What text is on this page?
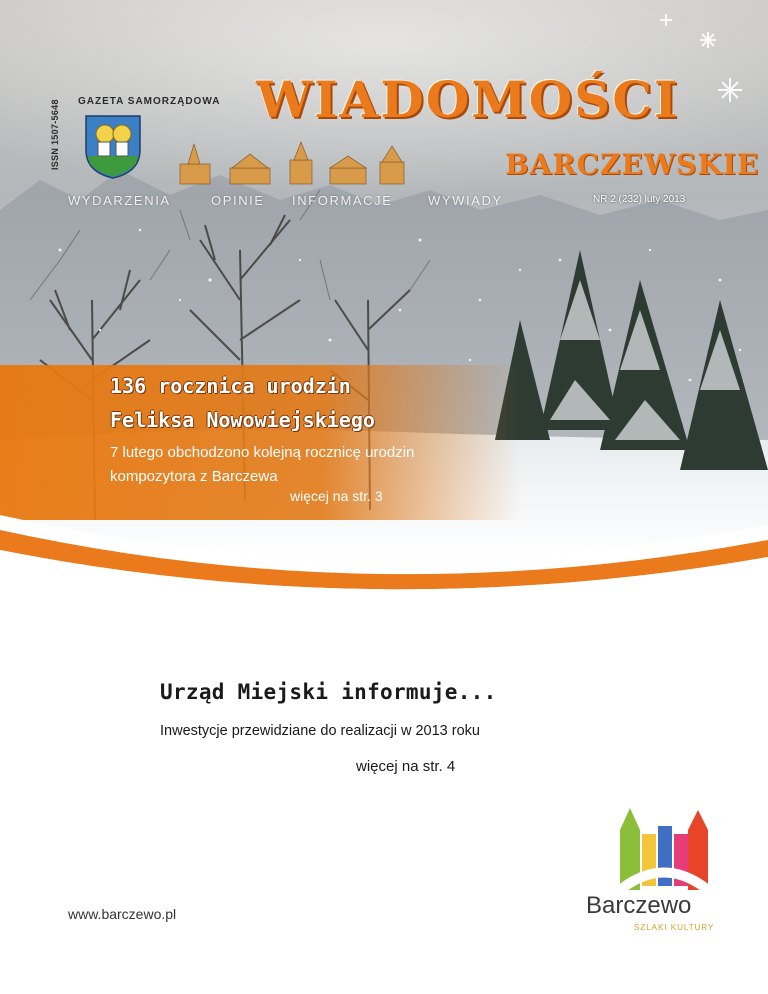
GAZETA SAMORZĄDOWA
ISSN 1507-5648	WIADOMOŚCI
BARCZEWSKIE
WYDARZENIA	OPINIE INFORMACJE	WYWIADY	NR 2 (232) luty 2013
136 rocznica urodzin
Feliksa Nowowiejskiego
7 lutego obchodzono kolejną rocznicę urodzin
kompozytora z Barczewa
więcej na str. 3
Urząd Miejski informuje...
Inwestycje przewidziane do realizacji w 2013 roku
więcej na str. 4
www.barczewo.pl	Barczewo
SZLAKI KULTURY
